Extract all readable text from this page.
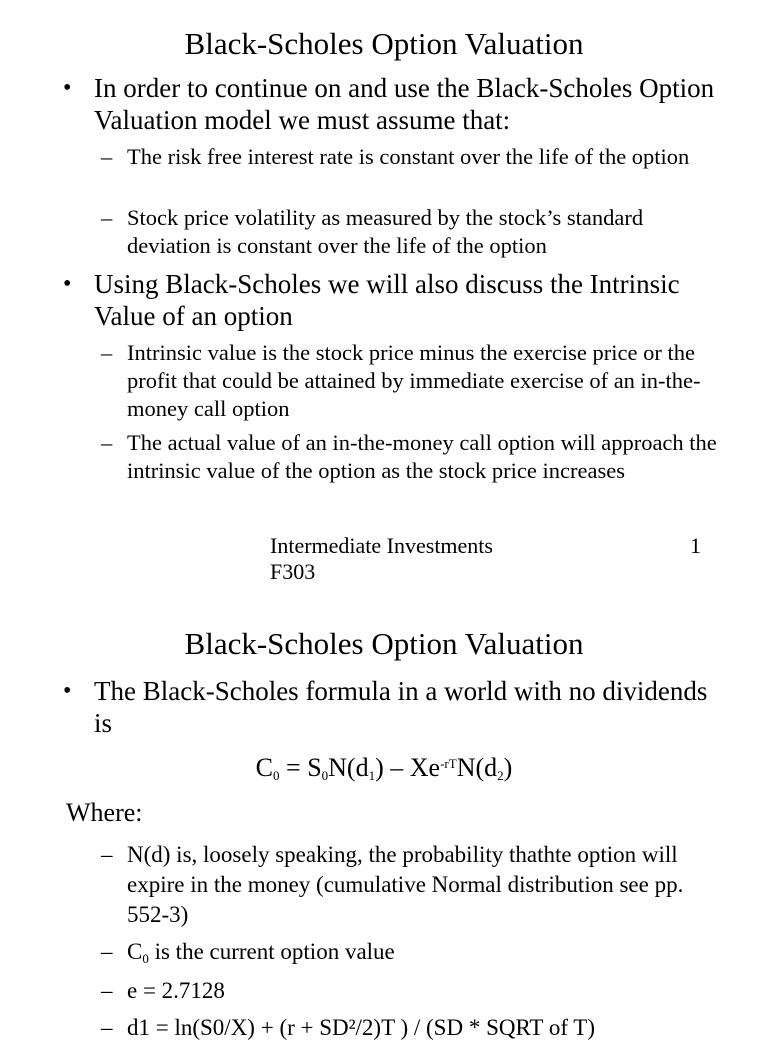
Black-Scholes Option Valuation
• In order to continue on and use the Black-Scholes Option Valuation model we must assume that:
– The risk free interest rate is constant over the life of the option
– Stock price volatility as measured by the stock’s standard deviation is constant over the life of the option
• Using Black-Scholes we will also discuss the Intrinsic Value of an option
– Intrinsic value is the stock price minus the exercise price or the profit that could be attained by immediate exercise of an in-the-money call option
– The actual value of an in-the-money call option will approach the intrinsic value of the option as the stock price increases
Intermediate Investments F303
1
Black-Scholes Option Valuation
• The Black-Scholes formula in a world with no dividends is
$C_0 = S_0N(d_1) - Xe^{-rT}N(d_2)$
Where:
– N(d) is, loosely speaking, the probability thathte option will expire in the money (cumulative Normal distribution see pp. 552-3)
– $C_0$ is the current option value
– e = 2.7128
– d1 = ln(S0/X) + (r + SD²/2)T ) / (SD * SQRT of T)
